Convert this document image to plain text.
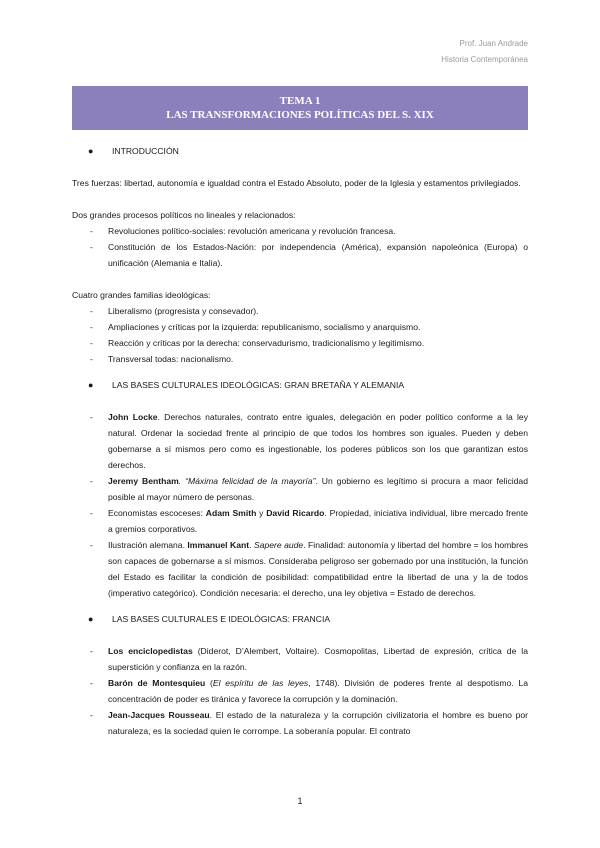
Prof. Juan Andrade
Historia Contemporánea
TEMA 1
LAS TRANSFORMACIONES POLÍTICAS DEL S. XIX
● INTRODUCCIÓN

Tres fuerzas: libertad, autonomía e igualdad contra el Estado Absoluto, poder de la Iglesia y estamentos privilegiados.

Dos grandes procesos políticos no lineales y relacionados:

- Revoluciones político-sociales: revolución americana y revolución francesa.
- Constitución de los Estados-Nación: por independencia (América), expansión napoleónica (Europa) o unificación (Alemania e Italia).

Cuatro grandes familias ideológicas:

- Liberalismo (progresista y consevador).
- Ampliaciones y críticas por la izquierda: republicanismo, socialismo y anarquismo.
- Reacción y críticas por la derecha: conservadurismo, tradicionalismo y legitimismo.
- Transversal todas: nacionalismo.
● LAS BASES CULTURALES IDEOLÓGICAS: GRAN BRETAÑA Y ALEMANIA
- John Locke. Derechos naturales, contrato entre iguales, delegación en poder político conforme a la ley natural. Ordenar la sociedad frente al principio de que todos los hombres son iguales. Pueden y deben gobernarse a sí mismos pero como es ingestionable, los poderes públicos son los que garantizan estos derechos.
- Jeremy Bentham. “Máxima felicidad de la mayoría”. Un gobierno es legítimo si procura a maor felicidad posible al mayor número de personas.
- Economistas escoceses: Adam Smith y David Ricardo. Propiedad, iniciativa individual, libre mercado frente a gremios corporativos.
- Ilustración alemana. Immanuel Kant. Sapere aude. Finalidad: autonomía y libertad del hombre = los hombres son capaces de gobernarse a sí mismos. Consideraba peligroso ser gobernado por una institución, la función del Estado es facilitar la condición de posibilidad: compatibilidad entre la libertad de una y la de todos (imperativo categórico). Condición necesaria: el derecho, una ley objetiva = Estado de derechos.
● LAS BASES CULTURALES E IDEOLÓGICAS: FRANCIA
- Los enciclopedistas (Diderot, D’Alembert, Voltaire). Cosmopolitas, Libertad de expresión, crítica de la superstición y confianza en la razón.
- Barón de Montesquieu (El espíritu de las leyes, 1748). División de poderes frente al despotismo. La concentración de poder es tiránica y favorece la corrupción y la dominación.
- Jean-Jacques Rousseau. El estado de la naturaleza y la corrupción civilizatoria el hombre es bueno por naturaleza, es la sociedad quien le corrompe. La soberanía popular. El contrato
1
